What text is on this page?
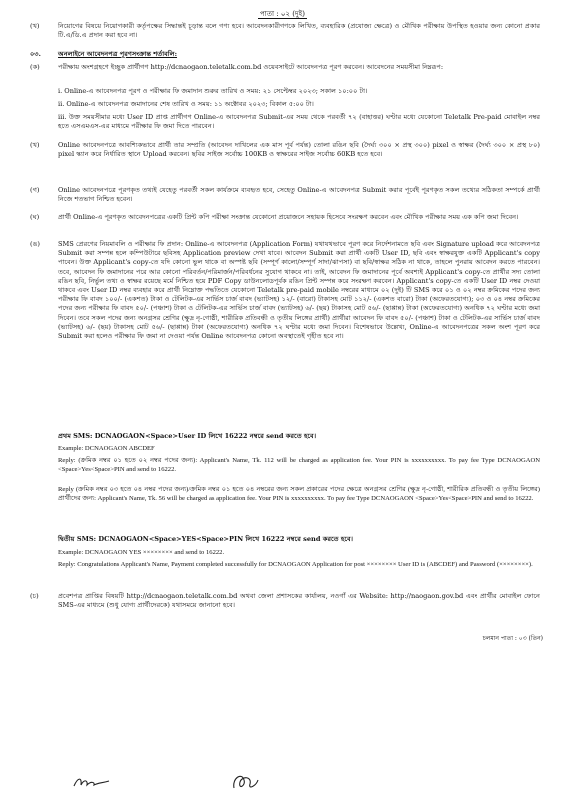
পাতা : ০২ (দুই)
(খ)	নিয়োগের বিষয়ে নিয়োগকারী কর্তৃপক্ষের সিদ্ধান্তই চূড়ান্ত বলে গণ্য হবে। আবেদনকারীগণকে লিখিত, ব্যবহারিক (প্রযোজ্য ক্ষেত্রে) ও মৌখিক পরীক্ষায় উপস্থিত হওয়ার জন্য কোনো প্রকার টি.এ/ডি.এ প্রদান করা হবে না।
০৩.	অনলাইনে আবেদনপত্র পূরণসংক্রান্ত শর্তাবলি:
(ক)	পরীক্ষায় অংশগ্রহণে ইচ্ছুক প্রার্থীগণ http://dcnaogaon.teletalk.com.bd ওয়েবসাইটে আবেদনপত্র পূরণ করবেন। আবেদনের সময়সীমা নিম্নরূপ:
i. Online-এ আবেদনপত্র পূরণ ও পরীক্ষার ফি জমাদান শুরুর তারিখ ও সময়: ২১ সেপ্টেম্বর ২০২৩; সকাল ১০:০০ টা।
ii. Online-এ আবেদনপত্র জমাদানের শেষ তারিখ ও সময়: ১১ অক্টোবর ২০২৩; বিকাল ৫:০০ টা।
iii. উক্ত সময়সীমার মধ্যে User ID প্রাপ্ত প্রার্থীগণ Online-এ আবেদনপত্র Submit-এর সময় থেকে পরবর্তী ৭২ (বাহাত্তর) ঘণ্টার মধ্যে যেকোনো Teletalk Pre-paid মোবাইল নম্বর হতে এসএমএস-এর মাধ্যমে পরীক্ষার ফি জমা দিতে পারবেন।
(খ)	Online আবেদনপত্রে আবশ্যিকভাবে প্রার্থী তার সম্প্রতি (আবেদন দাখিলের এক মাস পূর্ব পর্যন্ত) তোলা রঙিন ছবি (দৈর্ঘ্য ৩০০ × প্রস্থ ৩০০) pixel ও স্বাক্ষর (দৈর্ঘ্য ৩০০ × প্রস্থ ৮০) pixel স্ক্যান করে নির্ধারিত স্থানে Upload করবেন। ছবির সাইজ সর্বোচ্চ 100KB ও স্বাক্ষরের সাইজ সর্বোচ্চ 60KB হতে হবে।
(গ)	Online আবেদনপত্রে পূরণকৃত তথ্যই যেহেতু পরবর্তী সকল কার্যক্রমে ব্যবহৃত হবে, সেহেতু Online-এ আবেদনপত্র Submit করার পূর্বেই পূরণকৃত সকল তথ্যের সঠিকতা সম্পর্কে প্রার্থী নিজে শতভাগ নিশ্চিত হবেন।
(ঘ)	প্রার্থী Online-এ পূরণকৃত আবেদনপত্রের একটি প্রিন্ট কপি পরীক্ষা সংক্রান্ত যেকোনো প্রয়োজনে সহায়ক হিসেবে সংরক্ষণ করবেন এবং মৌখিক পরীক্ষার সময় এক কপি জমা দিবেন।
(ঙ)	SMS প্রেরণের নিয়মাবলি ও পরীক্ষার ফি প্রদান: Online-এ আবেদনপত্র (Application Form) যথাযথভাবে পূরণ করে নির্দেশনামতে ছবি এবং Signature upload করে আবেদনপত্র Submit করা সম্পন্ন হলে কম্পিউটারে ছবিসহ Application preview দেখা যাবে। আবেদন Submit করা প্রার্থী একটি User ID, ছবি এবং স্বাক্ষরযুক্ত একটি Applicant's copy পাবেন। উক্ত Applicant's copy-তে যদি কোনো ভুল থাকে বা অস্পষ্ট ছবি (সম্পূর্ণ কালো/সম্পূর্ণ সাদা/ঝাপসা) বা ছবি/স্বাক্ষর সঠিক না থাকে, তাহলে পুনরায় আবেদন করতে পারবেন। তবে, আবেদন ফি জমাদানের পরে আর কোনো পরিবর্তন/পরিমার্জন/পরিবর্ধনের সুযোগ থাকবে না। তাই, আবেদন ফি জমাদানের পূর্বে অবশ্যই Applicant's copy-তে প্রার্থীর সদ্য তোলা রঙিন ছবি, নির্ভুল তথ্য ও স্বাক্ষর রয়েছে মর্মে নিশ্চিত হয়ে PDF Copy ডাউনলোডপূর্বক রঙিন প্রিন্ট সম্পন্ন করে সংরক্ষণ করবেন। Applicant's copy-তে একটি User ID নম্বর দেওয়া থাকবে এবং User ID নম্বর ব্যবহার করে প্রার্থী নিম্নোক্ত পদ্ধতিতে যেকোনো Teletalk pre-paid mobile নম্বরের মাধ্যমে ০২ (দুই) টি SMS করে ০১ ও ০২ নম্বর ক্রমিকের পদের জন্য পরীক্ষার ফি বাবদ ১০০/- (একশত) টাকা ও টেলিটক-এর সার্ভিস চার্জ বাবদ (ভ্যাটসহ) ১২/- (বারো) টাকাসহ মোট ১১২/- (একশত বারো) টাকা (অফেরতযোগ্য); ০৩ ও ০৪ নম্বর ক্রমিকের পদের জন্য পরীক্ষার ফি বাবদ ৫০/- (পঞ্চাশ) টাকা ও টেলিটক-এর সার্ভিস চার্জ বাবদ (ভ্যাটসহ) ৬/- (ছয়) টাকাসহ মোট ৫৬/- (ছাপ্পান্ন) টাকা (অফেরতযোগ্য) অনধিক ৭২ ঘণ্টার মধ্যে জমা দিবেন। তবে সকল পদের জন্য অনগ্রসর শ্রেণির (ক্ষুদ্র নৃ-গোষ্ঠী, শারীরিক প্রতিবন্ধী ও তৃতীয় লিঙ্গের প্রার্থী) প্রার্থীরা আবেদন ফি বাবদ ৫০/- (পঞ্চাশ) টাকা ও টেলিটক-এর সার্ভিস চার্জ বাবদ (ভ্যাটসহ) ৬/- (ছয়) টাকাসহ মোট ৫৬/- (ছাপ্পান্ন) টাকা (অফেরতযোগ্য) অনধিক ৭২ ঘণ্টার মধ্যে জমা দিবেন। বিশেষভাবে উল্লেখ্য, Online-এ আবেদনপত্রের সকল অংশ পূরণ করে Submit করা হলেও পরীক্ষার ফি জমা না দেওয়া পর্যন্ত Online আবেদনপত্র কোনো অবস্থাতেই গৃহীত হবে না।
প্রথম SMS: DCNAOGAON<Space>User ID লিখে 16222 নম্বরে send করতে হবে।
Example: DCNAOGAON ABCDEF
Reply: (ক্রমিক নম্বর ০১ হতে ০২ নম্বর পদের জন্য): Applicant's Name, Tk. 112 will be charged as application fee. Your PIN is xxxxxxxxxx. To pay fee Type DCNAOGAON <Space>Yes<Space>PIN and send to 16222.
Reply (ক্রমিক নম্বর ০৩ হতে ০৪ নম্বর পদের জন্য)/ক্রমিক নম্বর ০১ হতে ০৪ নম্বরের জন্য সকল প্রকারের পদের ক্ষেত্রে অনগ্রসর শ্রেণির (ক্ষুদ্র নৃ-গোষ্ঠী, শারীরিক প্রতিবন্ধী ও তৃতীয় লিঙ্গের) প্রার্থীদের জন্য: Applicant's Name, Tk. 56 will be charged as application fee. Your PIN is xxxxxxxxxx. To pay fee Type DCNAOGAON <Space>Yes<Space>PIN and send to 16222.
দ্বিতীয় SMS: DCNAOGAON<Space>YES<Space>PIN লিখে 16222 নম্বরে send করতে হবে।
Example: DCNAOGAON YES ×××××××× and send to 16222.
Reply: Congratulations Applicant's Name, Payment completed successfully for DCNAOGAON Application for post ×××××××× User ID is (ABCDEF) and Password (××××××××).
(চ)	প্রবেশপত্র প্রাপ্তির বিষয়টি http://dcnaogaon.teletalk.com.bd অথবা জেলা প্রশাসকের কার্যালয়, নওগাঁ এর Website: http://naogaon.gov.bd এবং প্রার্থীর মোবাইল ফোনে SMS-এর মাধ্যমে (শুধু যোগ্য প্রার্থীদেরকে) যথাসময়ে জানানো হবে।
চলমান পাতা : ০৩ (তিন)
